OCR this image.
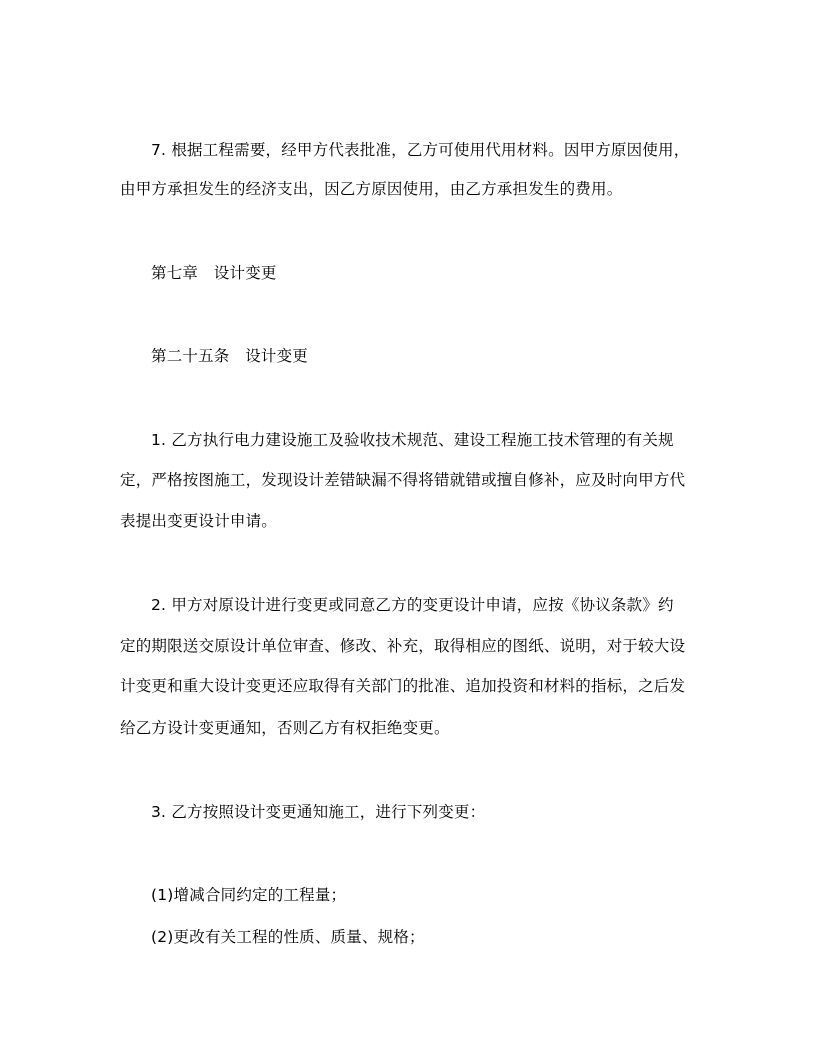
7. 根据工程需要，经甲方代表批准，乙方可使用代用材料。因甲方原因使用，
由甲方承担发生的经济支出，因乙方原因使用，由乙方承担发生的费用。
第七章　设计变更
第二十五条　设计变更
1. 乙方执行电力建设施工及验收技术规范、建设工程施工技术管理的有关规
定，严格按图施工，发现设计差错缺漏不得将错就错或擅自修补，应及时向甲方代
表提出变更设计申请。
2. 甲方对原设计进行变更或同意乙方的变更设计申请，应按《协议条款》约
定的期限送交原设计单位审查、修改、补充，取得相应的图纸、说明，对于较大设
计变更和重大设计变更还应取得有关部门的批准、追加投资和材料的指标，之后发
给乙方设计变更通知，否则乙方有权拒绝变更。
3. 乙方按照设计变更通知施工，进行下列变更：
(1)增减合同约定的工程量；
(2)更改有关工程的性质、质量、规格；
